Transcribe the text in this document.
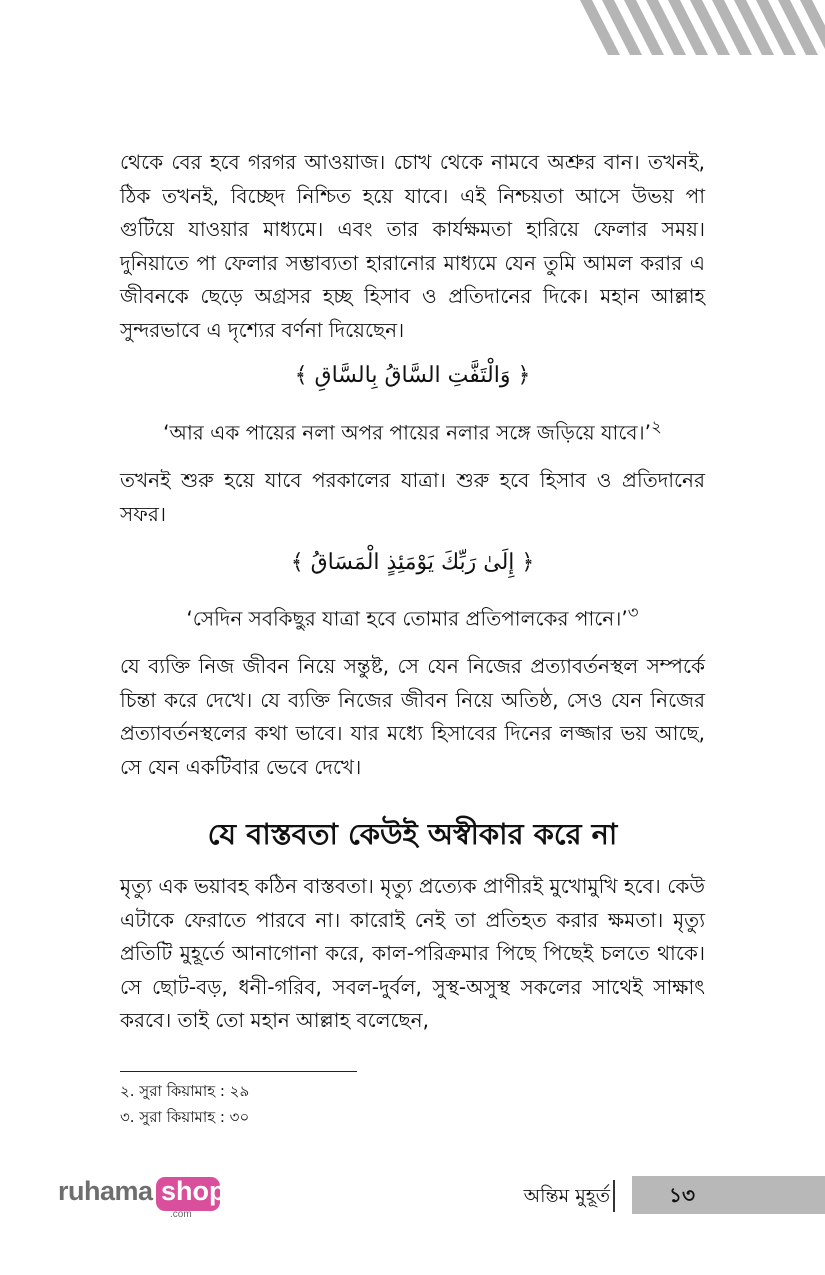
থেকে বের হবে গরগর আওয়াজ। চোখ থেকে নামবে অশ্রুর বান। তখনই, ঠিক তখনই, বিচ্ছেদ নিশ্চিত হয়ে যাবে। এই নিশ্চয়তা আসে উভয় পা গুটিয়ে যাওয়ার মাধ্যমে। এবং তার কার্যক্ষমতা হারিয়ে ফেলার সময়। দুনিয়াতে পা ফেলার সম্ভাব্যতা হারানোর মাধ্যমে যেন তুমি আমল করার এ জীবনকে ছেড়ে অগ্রসর হচ্ছ হিসাব ও প্রতিদানের দিকে। মহান আল্লাহ সুন্দরভাবে এ দৃশ্যের বর্ণনা দিয়েছেন।

﴿ وَالْتَفَّتِ السَّاقُ بِالسَّاقِ ﴾

‘আর এক পায়ের নলা অপর পায়ের নলার সঙ্গে জড়িয়ে যাবে।’$^২$

তখনই শুরু হয়ে যাবে পরকালের যাত্রা। শুরু হবে হিসাব ও প্রতিদানের সফর।

﴿ إِلَىٰ رَبِّكَ يَوْمَئِذٍ الْمَسَاقُ ﴾

‘সেদিন সবকিছুর যাত্রা হবে তোমার প্রতিপালকের পানে।’$^৩$

যে ব্যক্তি নিজ জীবন নিয়ে সন্তুষ্ট, সে যেন নিজের প্রত্যাবর্তনস্থল সম্পর্কে চিন্তা করে দেখে। যে ব্যক্তি নিজের জীবন নিয়ে অতিষ্ঠ, সেও যেন নিজের প্রত্যাবর্তনস্থলের কথা ভাবে। যার মধ্যে হিসাবের দিনের লজ্জার ভয় আছে, সে যেন একটিবার ভেবে দেখে।

যে বাস্তবতা কেউই অস্বীকার করে না

মৃত্যু এক ভয়াবহ কঠিন বাস্তবতা। মৃত্যু প্রত্যেক প্রাণীরই মুখোমুখি হবে। কেউ এটাকে ফেরাতে পারবে না। কারোই নেই তা প্রতিহত করার ক্ষমতা। মৃত্যু প্রতিটি মুহূর্তে আনাগোনা করে, কাল-পরিক্রমার পিছে পিছেই চলতে থাকে। সে ছোট-বড়, ধনী-গরিব, সবল-দুর্বল, সুস্থ-অসুস্থ সকলের সাথেই সাক্ষাৎ করবে। তাই তো মহান আল্লাহ বলেছেন,

২. সুরা কিয়ামাহ : ২৯

৩. সুরা কিয়ামাহ : ৩০

ruhama shop
.com
অন্তিম মুহূর্ত	১৩
